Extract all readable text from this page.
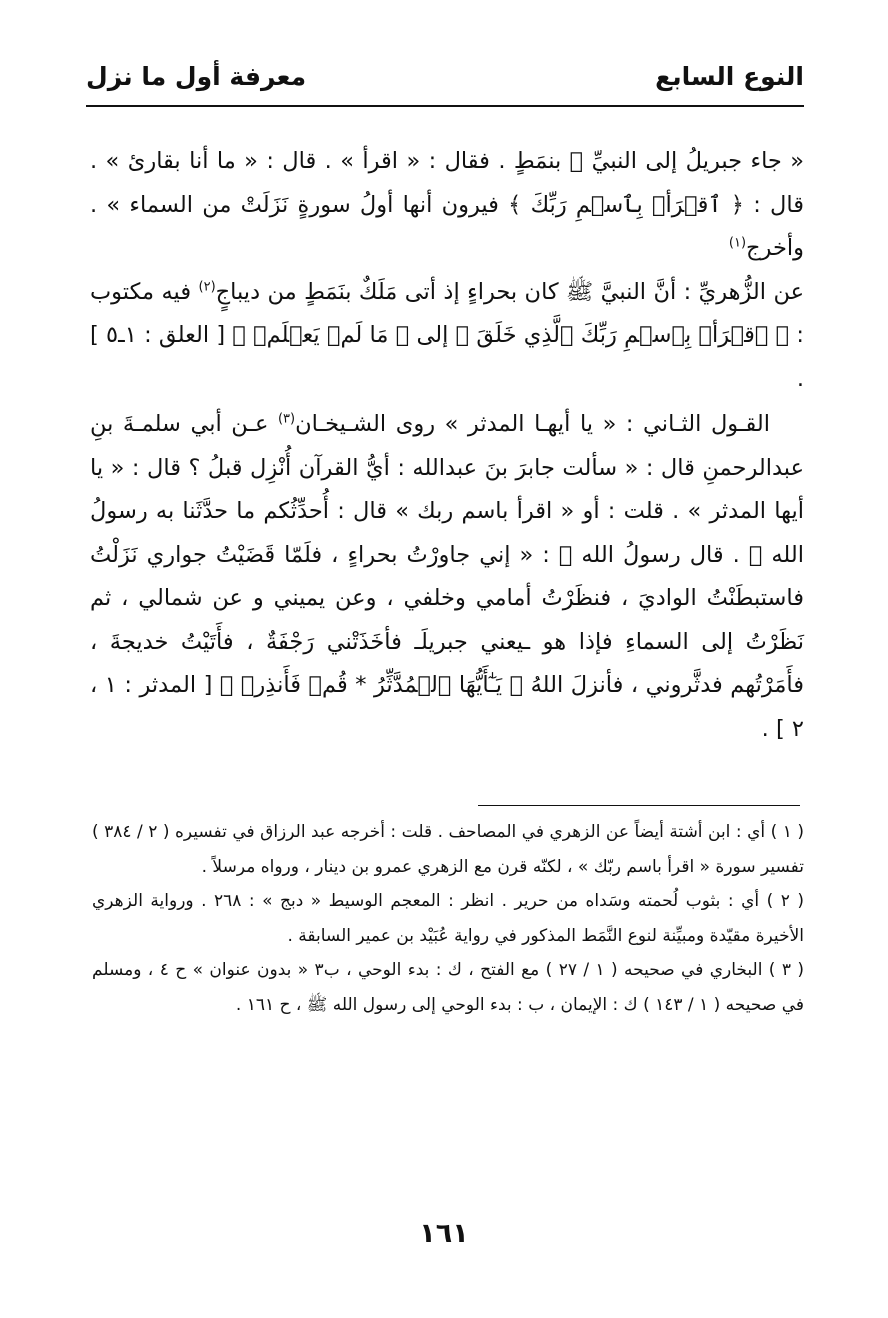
النوع السابع
معرفة أول ما نزل

« جاء جبريلُ إلى النبيِّ ﷺ بنمَطٍ . فقال : « اقرأ » . قال : « ما أنا بقارئ » . قال : ﴿ ٱقۡرَأۡ بِٱسۡمِ رَبِّكَ ﴾ فيرون أنها أولُ سورةٍ نَزَلَتْ من السماء » . وأخرج$^{(١)}$

عن الزُّهريِّ : أنَّ النبيَّ ﷺ كان بحراءٍ إذ أتى مَلَكٌ بنَمَطٍ من ديباجٍ$^{(٢)}$ فيه مكتوب : ﴿ ٱقۡرَأۡ بِٱسۡمِ رَبِّكَ ٱلَّذِي خَلَقَ ﴾ إلى ﴿ مَا لَمۡ يَعۡلَمۡ ﴾ [ العلق : ١ـ٥ ] .

القـول الثـاني : « يا أيهـا المدثر » روى الشـيخـان$^{(٣)}$ عـن أبي سلمـةَ بنِ عبدالرحمنِ قال : « سألت جابرَ بنَ عبدالله : أيُّ القرآن أُنْزِل قبلُ ؟ قال : « يا أيها المدثر » . قلت : أو « اقرأ باسم ربك » قال : أُحدِّثُكم ما حدَّثَنا به رسولُ الله ﷺ . قال رسولُ الله ﷺ : « إني جاورْتُ بحراءٍ ، فلَمّا قَضَيْتُ جواري نَزَلْتُ فاستبطَنْتُ الواديَ ، فنظَرْتُ أمامي وخلفي ، وعن يميني و عن شمالي ، ثم نَظَرْتُ إلى السماءِ فإذا هو ـيعني جبريلَـ فأخَذَتْني رَجْفَةٌ ، فأَتَيْتُ خديجةَ ، فأَمَرْتُهم فدثَّروني ، فأنزلَ اللهُ ﴿ يَـٰٓأَيُّهَا ٱلۡمُدَّثِّرُ * قُمۡ فَأَنذِرۡ ﴾ [ المدثر : ١ ، ٢ ] .

( ١ ) أي : ابن أشتة أيضاً عن الزهري في المصاحف . قلت : أخرجه عبد الرزاق في تفسيره ( ٢ / ٣٨٤ ) تفسير سورة « اقرأ باسم ربّك » ، لكنّه قرن مع الزهري عمرو بن دينار ، ورواه مرسلاً .

( ٢ ) أي : بثوب لُحمته وسَداه من حرير . انظر : المعجم الوسيط « دبج » : ٢٦٨ . ورواية الزهري الأخيرة مقيّدة ومبيِّنة لنوع النَّمَط المذكور في رواية عُبَيْد بن عمير السابقة .

( ٣ ) البخاري في صحيحه ( ١ / ٢٧ ) مع الفتح ، ك : بدء الوحي ، ب٣ « بدون عنوان » ح ٤ ، ومسلم في صحيحه ( ١ / ١٤٣ ) ك : الإيمان ، ب : بدء الوحي إلى رسول الله ﷺ ، ح ١٦١ .

١٦١
